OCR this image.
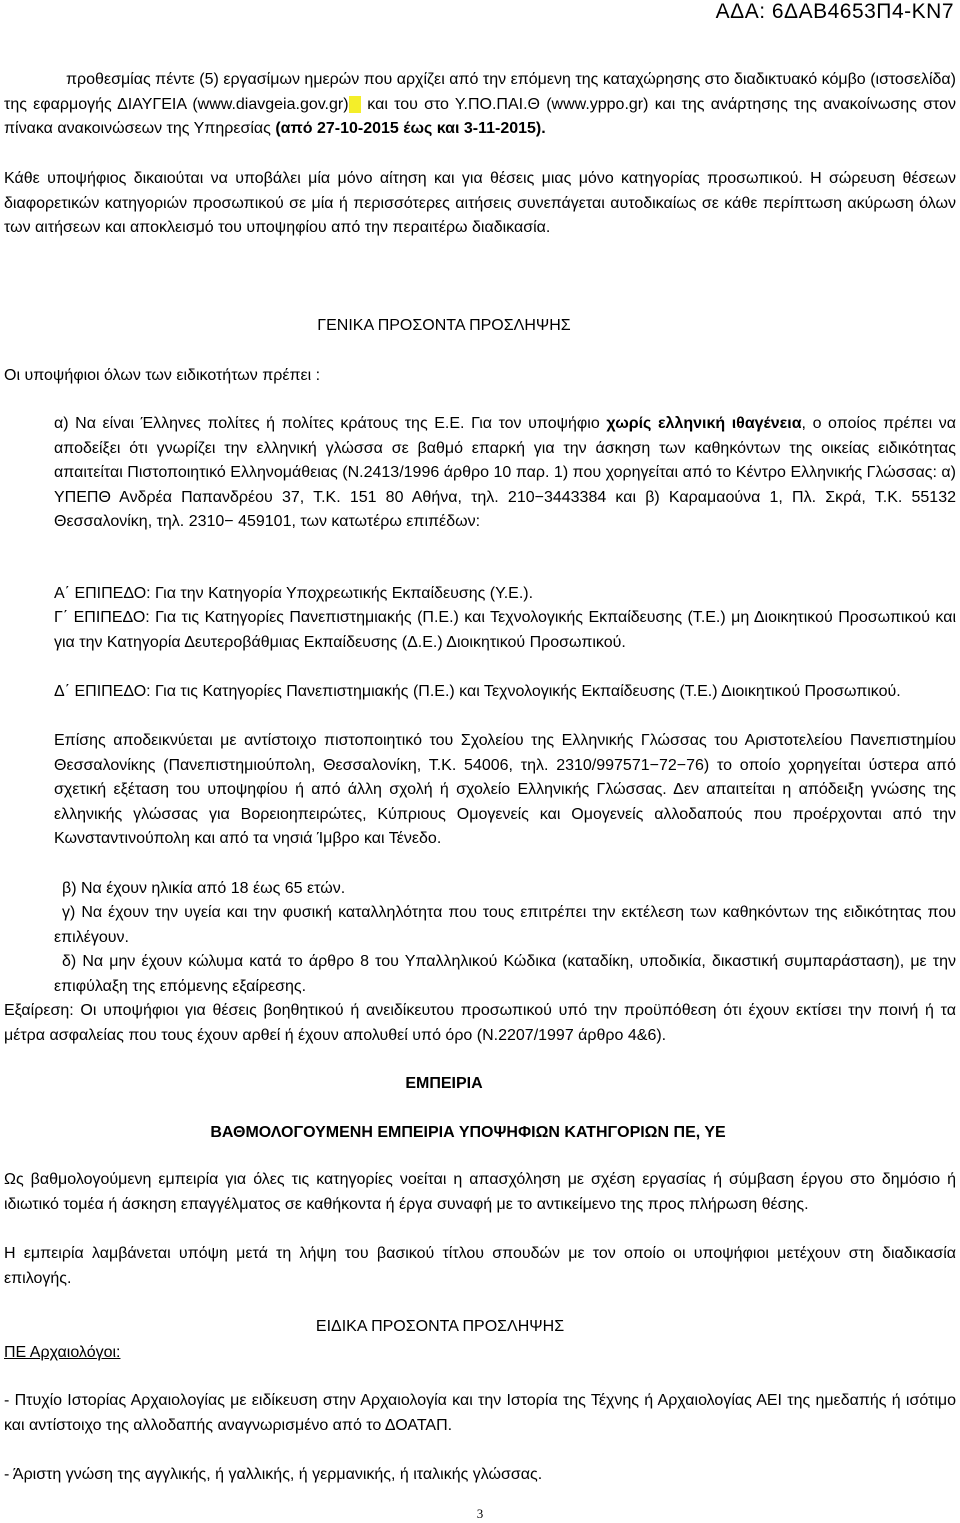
ΑΔΑ: 6ΔΑΒ4653Π4-ΚΝ7
προθεσμίας πέντε (5) εργασίμων ημερών που αρχίζει από την επόμενη της καταχώρησης στο διαδικτυακό κόμβο (ιστοσελίδα) της εφαρμογής ΔΙΑΥΓΕΙΑ (www.diavgeia.gov.gr) και του στο Υ.ΠΟ.ΠΑΙ.Θ (www.yppo.gr) και της ανάρτησης της ανακοίνωσης στον πίνακα ανακοινώσεων της Υπηρεσίας (από 27-10-2015 έως και 3-11-2015).
Κάθε υποψήφιος δικαιούται να υποβάλει μία μόνο αίτηση και για θέσεις μιας μόνο κατηγορίας προσωπικού. Η σώρευση θέσεων διαφορετικών κατηγοριών προσωπικού σε μία ή περισσότερες αιτήσεις συνεπάγεται αυτοδικαίως σε κάθε περίπτωση ακύρωση όλων των αιτήσεων και αποκλεισμό του υποψηφίου από την περαιτέρω διαδικασία.
ΓΕΝΙΚΑ ΠΡΟΣΟΝΤΑ ΠΡΟΣΛΗΨΗΣ
Οι υποψήφιοι όλων των ειδικοτήτων πρέπει :
α) Να είναι Έλληνες πολίτες ή πολίτες κράτους της Ε.Ε. Για τον υποψήφιο χωρίς ελληνική ιθαγένεια, ο οποίος πρέπει να αποδείξει ότι γνωρίζει την ελληνική γλώσσα σε βαθμό επαρκή για την άσκηση των καθηκόντων της οικείας ειδικότητας απαιτείται Πιστοποιητικό Ελληνομάθειας (Ν.2413/1996 άρθρο 10 παρ. 1) που χορηγείται από το Κέντρο Ελληνικής Γλώσσας: α) ΥΠΕΠΘ Ανδρέα Παπανδρέου 37, Τ.Κ. 151 80 Αθήνα, τηλ. 210−3443384 και β) Καραμαούνα 1, Πλ. Σκρά, Τ.Κ. 55132 Θεσσαλονίκη, τηλ. 2310− 459101, των κατωτέρω επιπέδων:
Α΄ ΕΠΙΠΕΔΟ: Για την Κατηγορία Υποχρεωτικής Εκπαίδευσης (Υ.Ε.).
Γ΄ ΕΠΙΠΕΔΟ: Για τις Κατηγορίες Πανεπιστημιακής (Π.Ε.) και Τεχνολογικής Εκπαίδευσης (Τ.Ε.) μη Διοικητικού Προσωπικού και για την Κατηγορία Δευτεροβάθμιας Εκπαίδευσης (Δ.Ε.) Διοικητικού Προσωπικού.
Δ΄ ΕΠΙΠΕΔΟ: Για τις Κατηγορίες Πανεπιστημιακής (Π.Ε.) και Τεχνολογικής Εκπαίδευσης (Τ.Ε.) Διοικητικού Προσωπικού.
Επίσης αποδεικνύεται με αντίστοιχο πιστοποιητικό του Σχολείου της Ελληνικής Γλώσσας του Αριστοτελείου Πανεπιστημίου Θεσσαλονίκης (Πανεπιστημιούπολη, Θεσσαλονίκη, Τ.Κ. 54006, τηλ. 2310/997571−72−76) το οποίο χορηγείται ύστερα από σχετική εξέταση του υποψηφίου ή από άλλη σχολή ή σχολείο Ελληνικής Γλώσσας. Δεν απαιτείται η απόδειξη γνώσης της ελληνικής γλώσσας για Βορειοηπειρώτες, Κύπριους Ομογενείς και Ομογενείς αλλοδαπούς που προέρχονται από την Κωνσταντινούπολη και από τα νησιά Ίμβρο και Τένεδο.
β) Να έχουν ηλικία από 18 έως 65 ετών.
γ) Να έχουν την υγεία και την φυσική καταλληλότητα που τους επιτρέπει την εκτέλεση των καθηκόντων της ειδικότητας που επιλέγουν.
δ) Να μην έχουν κώλυμα κατά το άρθρο 8 του Υπαλληλικού Κώδικα (καταδίκη, υποδικία, δικαστική συμπαράσταση), με την επιφύλαξη της επόμενης εξαίρεσης.
Εξαίρεση: Οι υποψήφιοι για θέσεις βοηθητικού ή ανειδίκευτου προσωπικού υπό την προϋπόθεση ότι έχουν εκτίσει την ποινή ή τα μέτρα ασφαλείας που τους έχουν αρθεί ή έχουν απολυθεί υπό όρο (Ν.2207/1997 άρθρο 4&6).
ΕΜΠΕΙΡΙΑ
ΒΑΘΜΟΛΟΓΟΥΜΕΝΗ ΕΜΠΕΙΡΙΑ ΥΠΟΨΗΦΙΩΝ ΚΑΤΗΓΟΡΙΩΝ ΠΕ, ΥΕ
Ως βαθμολογούμενη εμπειρία για όλες τις κατηγορίες νοείται η απασχόληση με σχέση εργασίας ή σύμβαση έργου στο δημόσιο ή ιδιωτικό τομέα ή άσκηση επαγγέλματος σε καθήκοντα ή έργα συναφή με το αντικείμενο της προς πλήρωση θέσης.
Η εμπειρία λαμβάνεται υπόψη μετά τη λήψη του βασικού τίτλου σπουδών με τον οποίο οι υποψήφιοι μετέχουν στη διαδικασία επιλογής.
ΕΙΔΙΚΑ ΠΡΟΣΟΝΤΑ ΠΡΟΣΛΗΨΗΣ
ΠΕ Αρχαιολόγοι:
- Πτυχίο Ιστορίας Αρχαιολογίας με ειδίκευση στην Αρχαιολογία και την Ιστορία της Τέχνης ή Αρχαιολογίας ΑΕΙ της ημεδαπής ή ισότιμο και αντίστοιχο της αλλοδαπής αναγνωρισμένο από το ΔΟΑΤΑΠ.
- Άριστη γνώση της αγγλικής, ή γαλλικής, ή γερμανικής, ή ιταλικής γλώσσας.
3
